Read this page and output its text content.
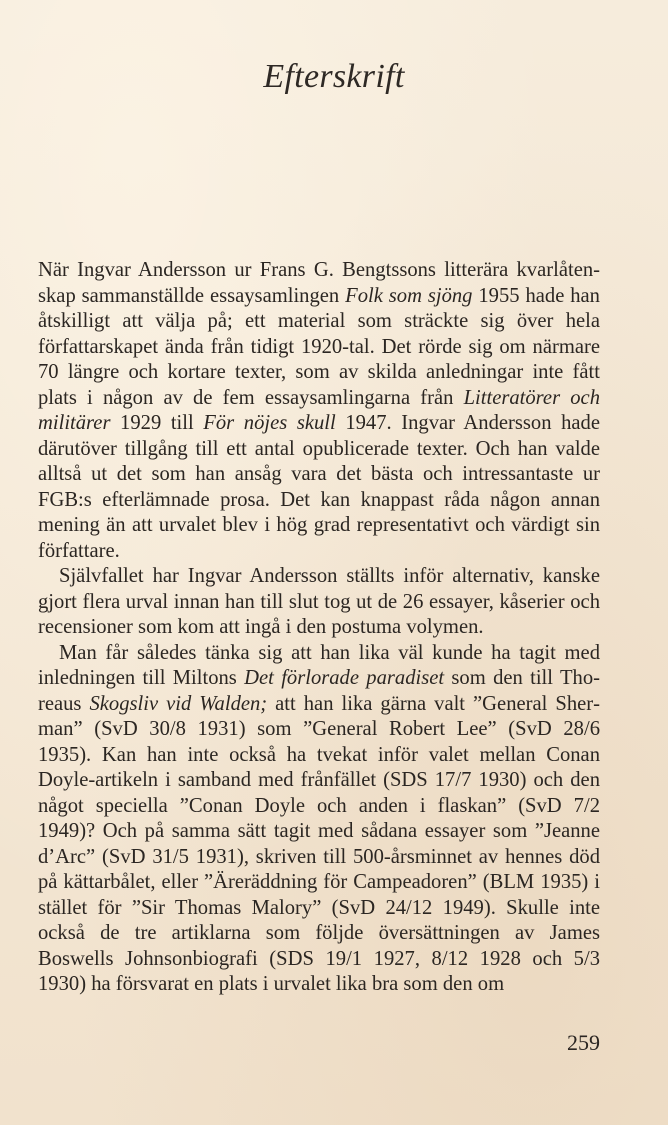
Efterskrift

När Ingvar Andersson ur Frans G. Bengtssons litterära kvarlåtenskap sammanställde essaysamlingen Folk som sjöng 1955 hade han åtskilligt att välja på; ett material som sträckte sig över hela författarskapet ända från tidigt 1920-tal. Det rörde sig om närmare 70 längre och kortare texter, som av skilda anledningar inte fått plats i någon av de fem essaysamlingarna från Litteratörer och militärer 1929 till För nöjes skull 1947. Ingvar Andersson hade därutöver tillgång till ett antal opublicerade texter. Och han valde alltså ut det som han ansåg vara det bästa och intressantaste ur FGB:s efterlämnade prosa. Det kan knappast råda någon annan mening än att urvalet blev i hög grad representativt och värdigt sin författare.

Självfallet har Ingvar Andersson ställts inför alternativ, kanske gjort flera urval innan han till slut tog ut de 26 essayer, kåserier och recensioner som kom att ingå i den postuma volymen.

Man får således tänka sig att han lika väl kunde ha tagit med inledningen till Miltons Det förlorade paradiset som den till Thoreaus Skogsliv vid Walden; att han lika gärna valt ”General Sherman” (SvD 30/8 1931) som ”General Robert Lee” (SvD 28/6 1935). Kan han inte också ha tvekat inför valet mellan Conan Doyle-artikeln i samband med frånfället (SDS 17/7 1930) och den något speciella ”Conan Doyle och anden i flaskan” (SvD 7/2 1949)? Och på samma sätt tagit med sådana essayer som ”Jeanne d’Arc” (SvD 31/5 1931), skriven till 500-årsminnet av hennes död på kättarbålet, eller ”Äreräddning för Campeadoren” (BLM 1935) i stället för ”Sir Thomas Malory” (SvD 24/12 1949). Skulle inte också de tre artiklarna som följde översättningen av James Boswells Johnsonbiografi (SDS 19/1 1927, 8/12 1928 och 5/3 1930) ha försvarat en plats i urvalet lika bra som den om

259
